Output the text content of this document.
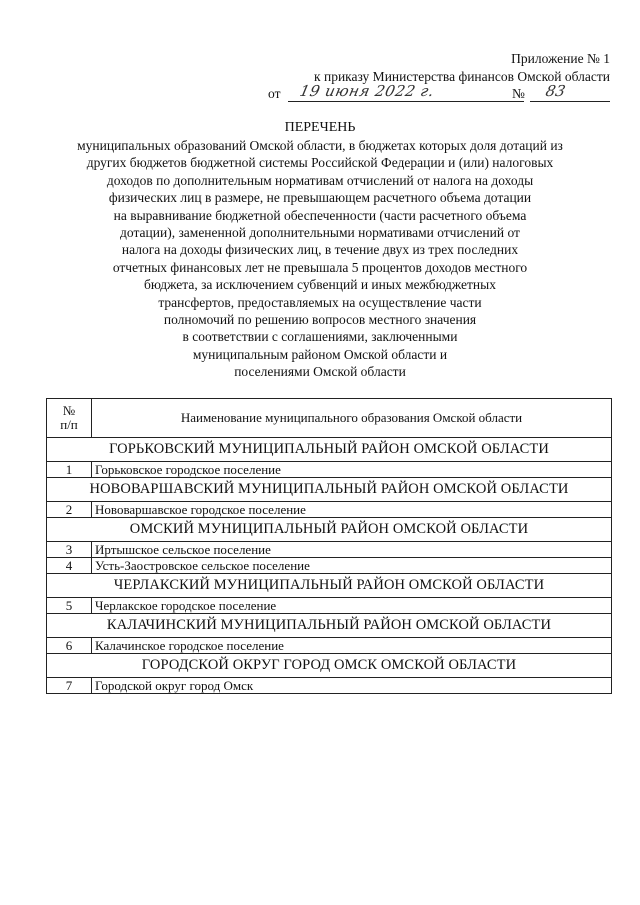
Приложение № 1
к приказу Министерства финансов Омской области
от 19 июня 2022 г.	№ 83
ПЕРЕЧЕНЬ
муниципальных образований Омской области, в бюджетах которых доля дотаций из
других бюджетов бюджетной системы Российской Федерации и (или) налоговых
доходов по дополнительным нормативам отчислений от налога на доходы
физических лиц в размере, не превышающем расчетного объема дотации
на выравнивание бюджетной обеспеченности (части расчетного объема
дотации), замененной дополнительными нормативами отчислений от
налога на доходы физических лиц, в течение двух из трех последних
отчетных финансовых лет не превышала 5 процентов доходов местного
бюджета, за исключением субвенций и иных межбюджетных
трансфертов, предоставляемых на осуществление части
полномочий по решению вопросов местного значения
в соответствии с соглашениями, заключенными
муниципальным районом Омской области и
поселениями Омской области
№
п/п	Наименование муниципального образования Омской области
ГОРЬКОВСКИЙ МУНИЦИПАЛЬНЫЙ РАЙОН ОМСКОЙ ОБЛАСТИ	
1	Горьковское городское поселение
НОВОВАРШАВСКИЙ МУНИЦИПАЛЬНЫЙ РАЙОН ОМСКОЙ ОБЛАСТИ	
2	Нововаршавское городское поселение
ОМСКИЙ МУНИЦИПАЛЬНЫЙ РАЙОН ОМСКОЙ ОБЛАСТИ	
3	Иртышское сельское поселение
4	Усть-Заостровское сельское поселение
ЧЕРЛАКСКИЙ МУНИЦИПАЛЬНЫЙ РАЙОН ОМСКОЙ ОБЛАСТИ	
5	Черлакское городское поселение
КАЛАЧИНСКИЙ МУНИЦИПАЛЬНЫЙ РАЙОН ОМСКОЙ ОБЛАСТИ	
6	Калачинское городское поселение
ГОРОДСКОЙ ОКРУГ ГОРОД ОМСК ОМСКОЙ ОБЛАСТИ	
7	Городской округ город Омск
